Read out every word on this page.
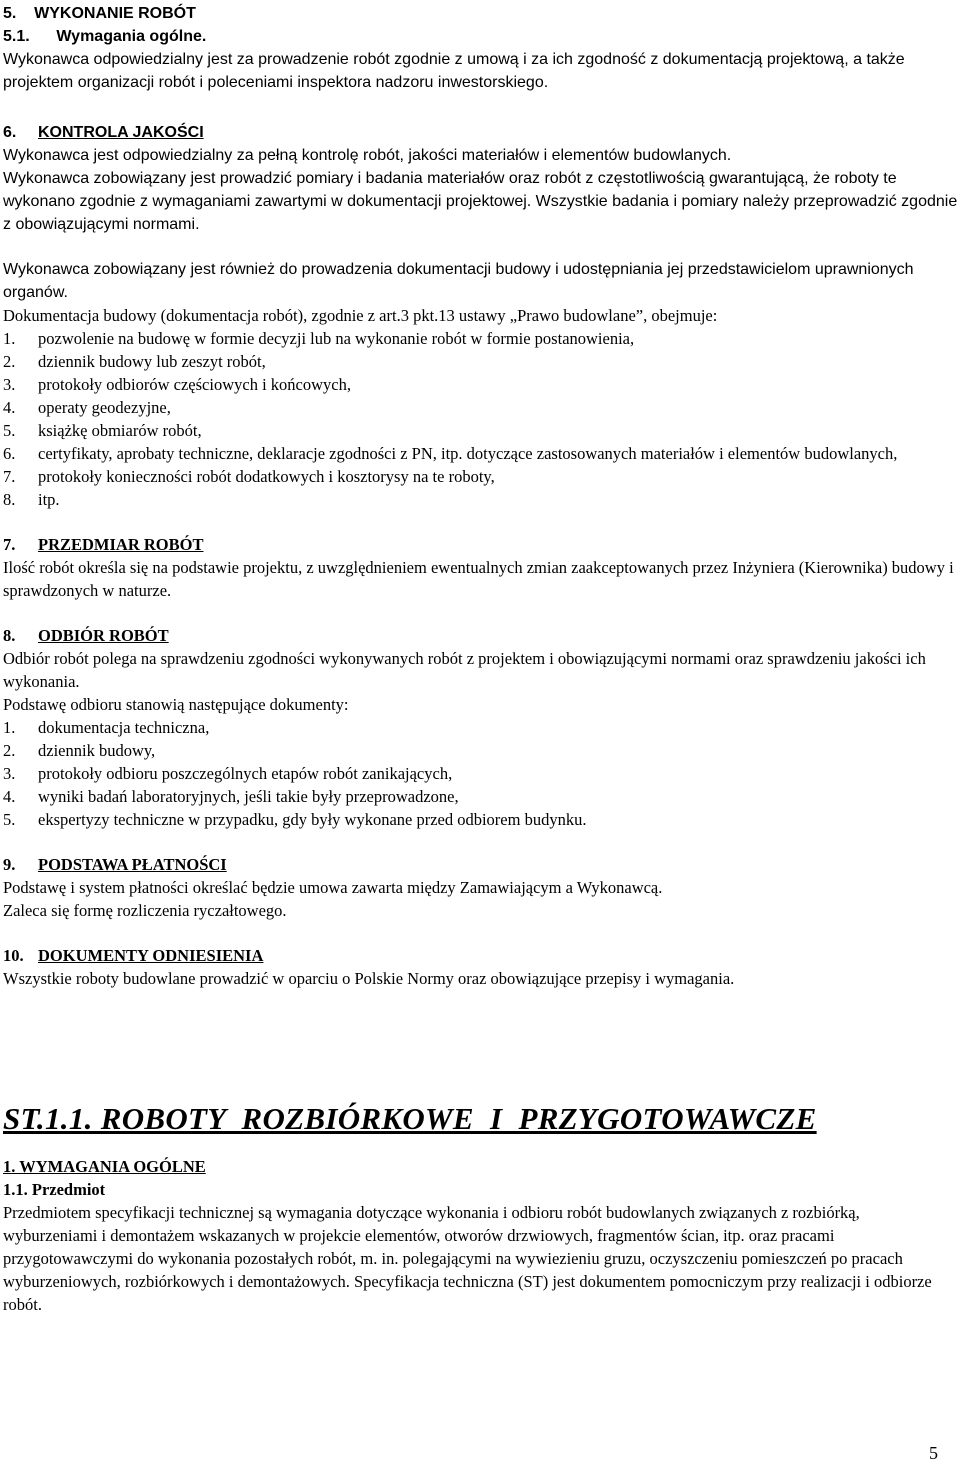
5.    WYKONANIE ROBÓT

5.1. Wymagania ogólne.

Wykonawca odpowiedzialny jest za prowadzenie robót zgodnie z umową i za ich zgodność z dokumentacją projektową, a także projektem organizacji robót i poleceniami inspektora nadzoru inwestorskiego.

6.	KONTROLA JAKOŚCI

Wykonawca jest odpowiedzialny za pełną kontrolę robót, jakości materiałów i elementów budowlanych.

Wykonawca zobowiązany jest prowadzić pomiary i badania materiałów oraz robót z częstotliwością gwarantującą, że roboty te wykonano zgodnie z wymaganiami zawartymi w dokumentacji projektowej. Wszystkie badania i pomiary należy przeprowadzić zgodnie z obowiązującymi normami.

Wykonawca zobowiązany jest również do prowadzenia dokumentacji budowy i udostępniania jej przedstawicielom uprawnionych organów.

Dokumentacja budowy (dokumentacja robót), zgodnie z art.3 pkt.13 ustawy „Prawo budowlane”, obejmuje:

1.	pozwolenie na budowę w formie decyzji lub na wykonanie robót w formie postanowienia,
2.	dziennik budowy lub zeszyt robót,
3.	protokoły odbiorów częściowych i końcowych,
4.	operaty geodezyjne,
5.	książkę obmiarów robót,
6.	certyfikaty, aprobaty techniczne, deklaracje zgodności z PN, itp. dotyczące zastosowanych materiałów i elementów budowlanych,
7.	protokoły konieczności robót dodatkowych i kosztorysy na te roboty,
8.	itp.

7.	PRZEDMIAR ROBÓT

Ilość robót określa się na podstawie projektu, z uwzględnieniem ewentualnych zmian zaakceptowanych przez Inżyniera (Kierownika) budowy i sprawdzonych w naturze.

8.	ODBIÓR ROBÓT

Odbiór robót polega na sprawdzeniu zgodności wykonywanych robót z projektem i obowiązującymi normami oraz sprawdzeniu jakości ich wykonania.

Podstawę odbioru stanowią następujące dokumenty:

1.	dokumentacja techniczna,
2.	dziennik budowy,
3.	protokoły odbioru poszczególnych etapów robót zanikających,
4.	wyniki badań laboratoryjnych, jeśli takie były przeprowadzone,
5.	ekspertyzy techniczne w przypadku, gdy były wykonane przed odbiorem budynku.

9.	PODSTAWA PŁATNOŚCI

Podstawę i system płatności określać będzie umowa zawarta między Zamawiającym a Wykonawcą.

Zaleca się formę rozliczenia ryczałtowego.

10. DOKUMENTY ODNIESIENIA

Wszystkie roboty budowlane prowadzić w oparciu o Polskie Normy oraz obowiązujące przepisy i wymagania.

ST.1.1. ROBOTY  ROZBIÓRKOWE  I  PRZYGOTOWAWCZE

1. WYMAGANIA OGÓLNE

1.1. Przedmiot

Przedmiotem specyfikacji technicznej są wymagania dotyczące wykonania i odbioru robót budowlanych związanych z rozbiórką, wyburzeniami i demontażem wskazanych w projekcie elementów, otworów drzwiowych, fragmentów ścian, itp. oraz pracami przygotowawczymi do wykonania pozostałych robót, m. in. polegającymi na wywiezieniu gruzu, oczyszczeniu pomieszczeń po pracach wyburzeniowych, rozbiórkowych i demontażowych. Specyfikacja techniczna (ST) jest dokumentem pomocniczym przy realizacji i odbiorze robót.

5
